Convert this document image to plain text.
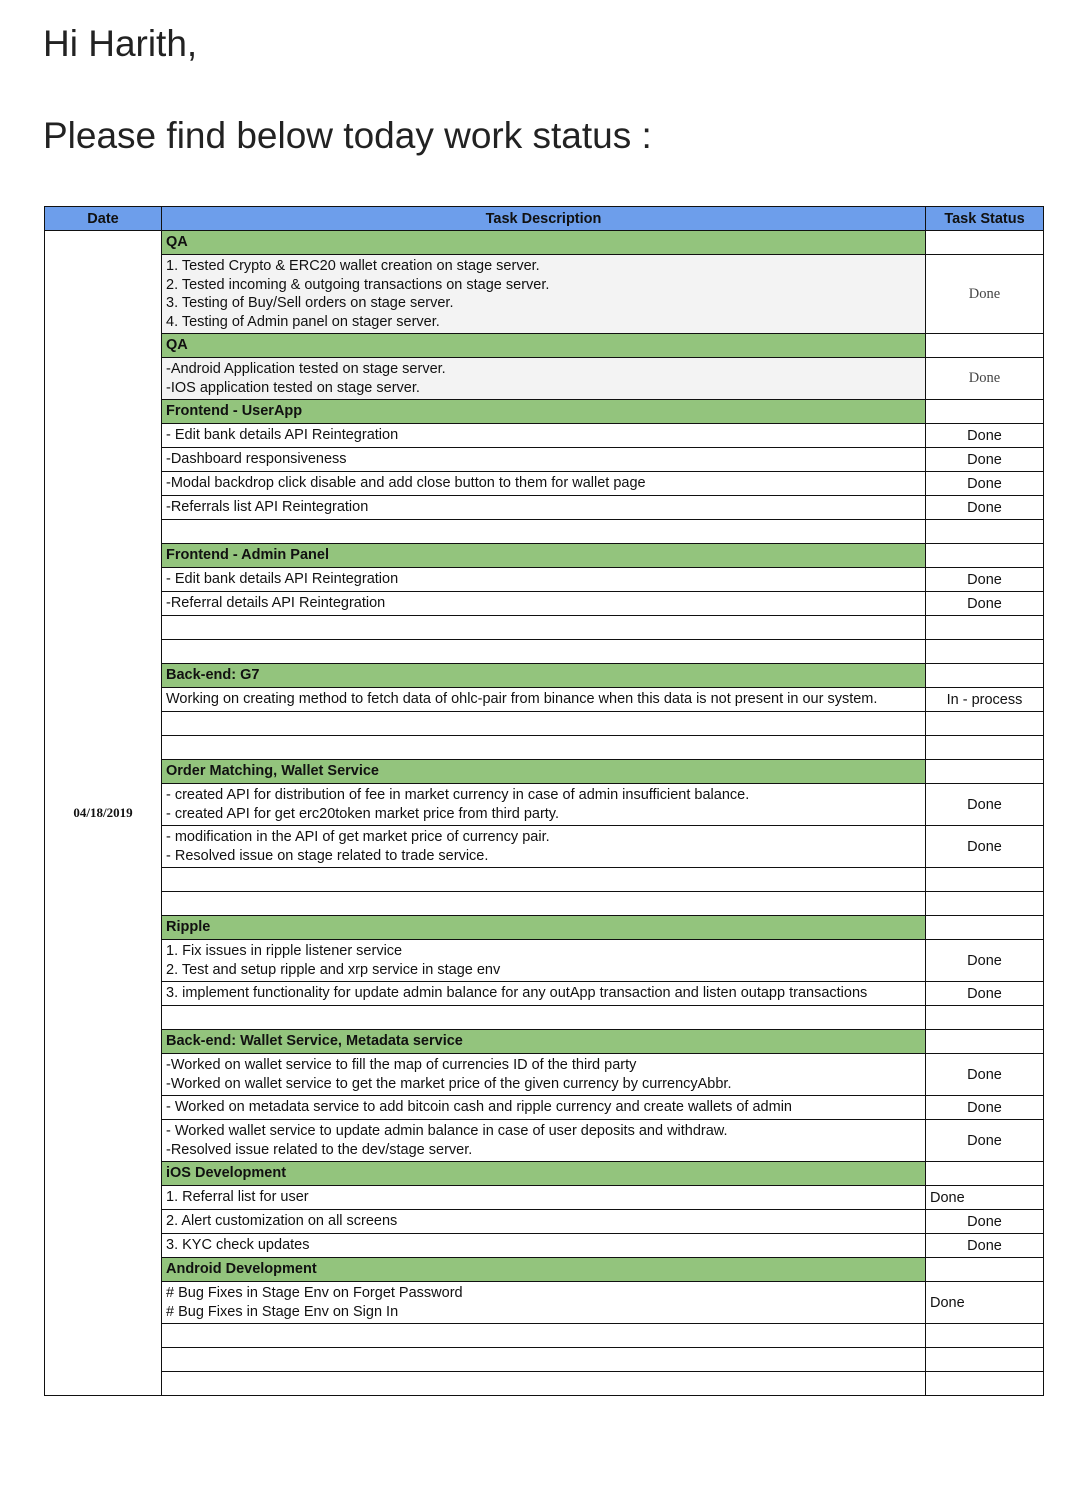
Hi Harith,
Please find below today work status :
Date	Task Description	Task Status
04/18/2019	QA	

	1. Tested Crypto & ERC20 wallet creation on stage server.
2. Tested incoming & outgoing transactions on stage server.
3. Testing of Buy/Sell orders on stage server.
4. Testing of Admin panel on stager server.	Done

	QA	

	-Android Application tested on stage server.
-IOS application tested on stage server.	Done

	Frontend - UserApp	

	- Edit bank details API Reintegration	Done

	-Dashboard responsiveness	Done

	-Modal backdrop click disable and add close button to them for wallet page	Done

	-Referrals list API Reintegration	Done

	Frontend - Admin Panel	

	- Edit bank details API Reintegration	Done

	-Referral details API Reintegration	Done

	Back-end: G7	

	Working on creating method to fetch data of ohlc-pair from binance when this data is not present in our system.	In - process

	Order Matching, Wallet Service	

	- created API for distribution of fee in market currency in case of admin insufficient balance.
- created API for get erc20token market price from third party.	Done

	- modification in the API of get market price of currency pair.
- Resolved issue on stage related to trade service.	Done

	Ripple	

	1. Fix issues in ripple listener service
2. Test and setup ripple and xrp service in stage env	Done

	3. implement functionality for update admin balance for any outApp transaction and listen outapp transactions	Done

	Back-end: Wallet Service, Metadata service	

	-Worked on wallet service to fill the map of currencies ID of the third party
-Worked on wallet service to get the market price of the given currency by currencyAbbr.	Done

	- Worked on metadata service to add bitcoin cash and ripple currency and create wallets of admin	Done

	- Worked wallet service to update admin balance in case of user deposits and withdraw.
-Resolved issue related to the dev/stage server.	Done

	iOS Development	

	1. Referral list for user	Done

	2. Alert customization on all screens	Done

	3. KYC check updates	Done

	Android Development	

	# Bug Fixes in Stage Env on Forget Password
# Bug Fixes in Stage Env on Sign In	Done
